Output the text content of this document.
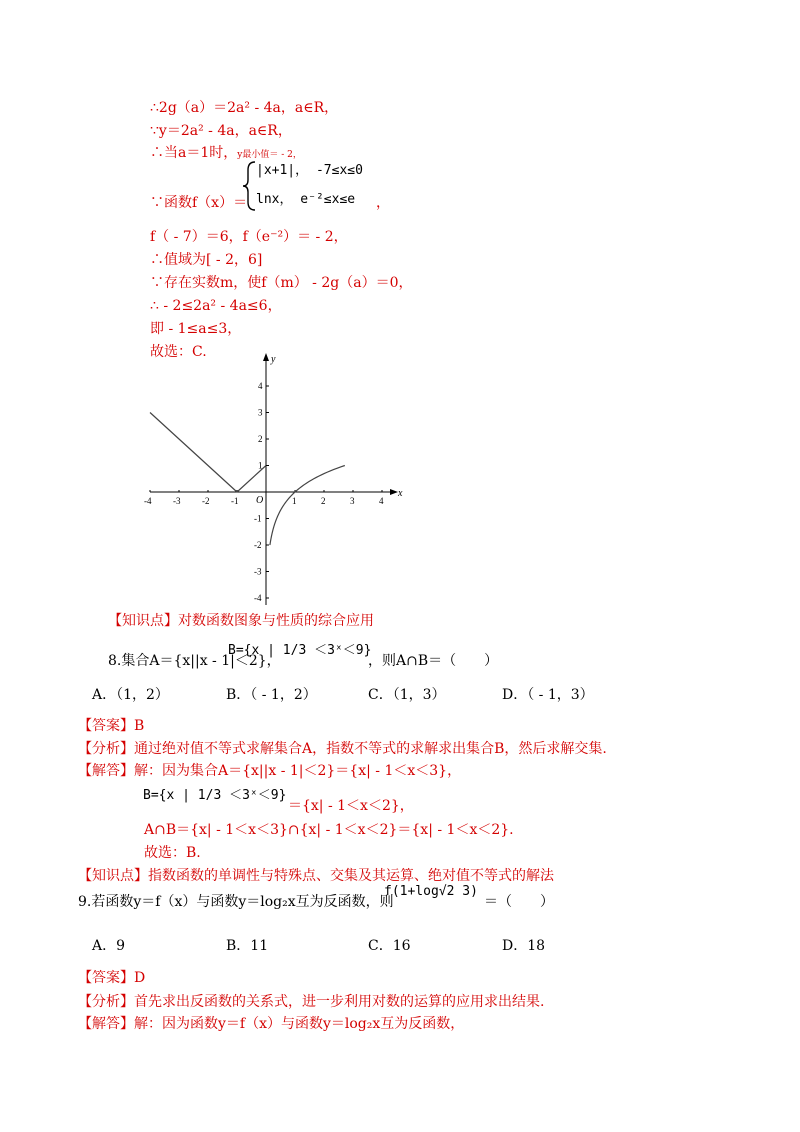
∴2g（a）＝2a² - 4a，a∈R，
∵y＝2a² - 4a，a∈R，
∴当a＝1时，y最小值＝ - 2，
∵函数f（x）＝
|x+1|， -7≤x≤0
lnx， e⁻²≤x≤e ，
f（ - 7）＝6，f（e⁻²）＝ - 2，
∴值域为[ - 2，6]
∵存在实数m，使f（m） - 2g（a）＝0，
∴ - 2≤2a² - 4a≤6，
即 - 1≤a≤3，
故选：C.
-4 -3 -2 -1	1	2	3	4
4
3
2
1
-1
-2
-3
-4
x
y
O
【知识点】对数函数图象与性质的综合应用
8.集合A＝{x||x - 1|＜2}，
B={x | 1/3 ＜3ˣ＜9}
，则A∩B＝（　　）
A．（1，2）	B．（ - 1，2）	C．（1，3）	D．（ - 1，3）
【答案】B
【分析】通过绝对值不等式求解集合A，指数不等式的求解求出集合B，然后求解交集.
【解答】解：因为集合A＝{x||x - 1|＜2}＝{x| - 1＜x＜3}，
B={x | 1/3 ＜3ˣ＜9}
＝{x| - 1＜x＜2}，
A∩B＝{x| - 1＜x＜3}∩{x| - 1＜x＜2}＝{x| - 1＜x＜2}.
故选：B.
【知识点】指数函数的单调性与特殊点、交集及其运算、绝对值不等式的解法
9.若函数y＝f（x）与函数y＝log₂x互为反函数，则
f(1+log√2 3)
＝（　　）
A．9	B．11	C．16	D．18
【答案】D
【分析】首先求出反函数的关系式，进一步利用对数的运算的应用求出结果.
【解答】解：因为函数y＝f（x）与函数y＝log₂x互为反函数，
